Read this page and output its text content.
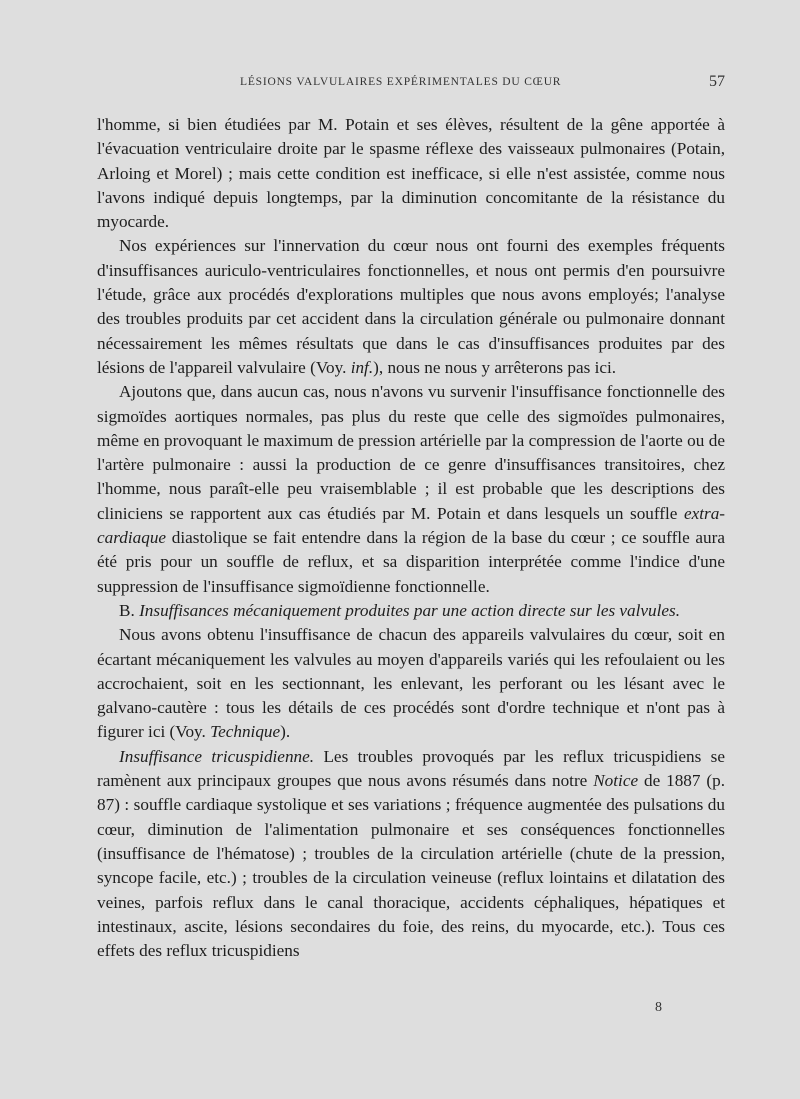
LÉSIONS VALVULAIRES EXPÉRIMENTALES DU CŒUR	57

l'homme, si bien étudiées par M. Potain et ses élèves, résultent de la gêne apportée à l'évacuation ventriculaire droite par le spasme réflexe des vaisseaux pulmonaires (Potain, Arloing et Morel) ; mais cette condition est inefficace, si elle n'est assistée, comme nous l'avons indiqué depuis longtemps, par la diminution concomitante de la résistance du myocarde.

Nos expériences sur l'innervation du cœur nous ont fourni des exemples fréquents d'insuffisances auriculo-ventriculaires fonctionnelles, et nous ont permis d'en poursuivre l'étude, grâce aux procédés d'explorations multiples que nous avons employés; l'analyse des troubles produits par cet accident dans la circulation générale ou pulmonaire donnant nécessairement les mêmes résultats que dans le cas d'insuffisances produites par des lésions de l'appareil valvulaire (Voy. inf.), nous ne nous y arrêterons pas ici.

Ajoutons que, dans aucun cas, nous n'avons vu survenir l'insuffisance fonctionnelle des sigmoïdes aortiques normales, pas plus du reste que celle des sigmoïdes pulmonaires, même en provoquant le maximum de pression artérielle par la compression de l'aorte ou de l'artère pulmonaire : aussi la production de ce genre d'insuffisances transitoires, chez l'homme, nous paraît-elle peu vraisemblable ; il est probable que les descriptions des cliniciens se rapportent aux cas étudiés par M. Potain et dans lesquels un souffle extra-cardiaque diastolique se fait entendre dans la région de la base du cœur ; ce souffle aura été pris pour un souffle de reflux, et sa disparition interprétée comme l'indice d'une suppression de l'insuffisance sigmoïdienne fonctionnelle.

B. Insuffisances mécaniquement produites par une action directe sur les valvules.

Nous avons obtenu l'insuffisance de chacun des appareils valvulaires du cœur, soit en écartant mécaniquement les valvules au moyen d'appareils variés qui les refoulaient ou les accrochaient, soit en les sectionnant, les enlevant, les perforant ou les lésant avec le galvano-cautère : tous les détails de ces procédés sont d'ordre technique et n'ont pas à figurer ici (Voy. Technique).

Insuffisance tricuspidienne. Les troubles provoqués par les reflux tricuspidiens se ramènent aux principaux groupes que nous avons résumés dans notre Notice de 1887 (p. 87) : souffle cardiaque systolique et ses variations ; fréquence augmentée des pulsations du cœur, diminution de l'alimentation pulmonaire et ses conséquences fonctionnelles (insuffisance de l'hématose) ; troubles de la circulation artérielle (chute de la pression, syncope facile, etc.) ; troubles de la circulation veineuse (reflux lointains et dilatation des veines, parfois reflux dans le canal thoracique, accidents céphaliques, hépatiques et intestinaux, ascite, lésions secondaires du foie, des reins, du myocarde, etc.). Tous ces effets des reflux tricuspidiens

8
